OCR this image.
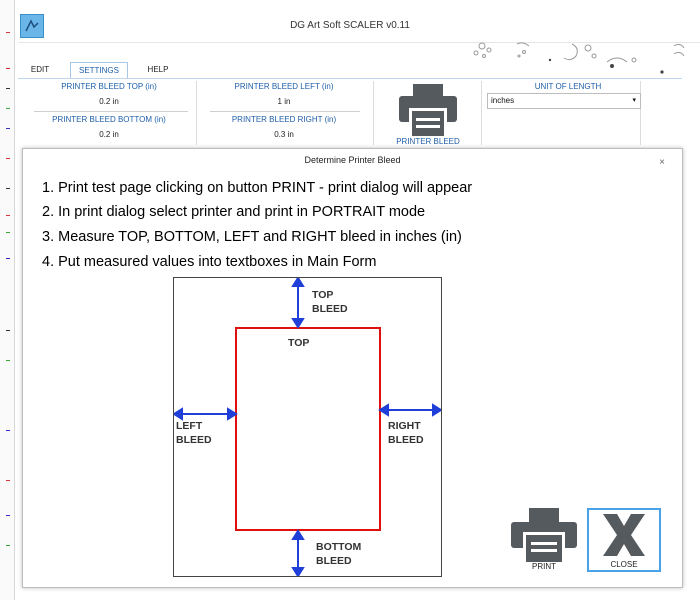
DG Art Soft SCALER v0.11
EDIT	SETTINGS	HELP
PRINTER BLEED TOP (in)
0.2 in
PRINTER BLEED BOTTOM (in)
0.2 in
PRINTER BLEED LEFT (in)
1 in
PRINTER BLEED RIGHT (in)
0.3 in
UNIT OF LENGTH
PRINTER BLEED
inches	▾
Determine Printer Bleed	×
1. Print test page clicking on button PRINT - print dialog will appear
2. In print dialog select printer and print in PORTRAIT mode
3. Measure TOP, BOTTOM, LEFT and RIGHT bleed in inches (in)
4. Put measured values into textboxes in Main Form
TOP
BLEED
TOP
LEFT
BLEED
RIGHT
BLEED
BOTTOM
BLEED	PRINT	CLOSE
